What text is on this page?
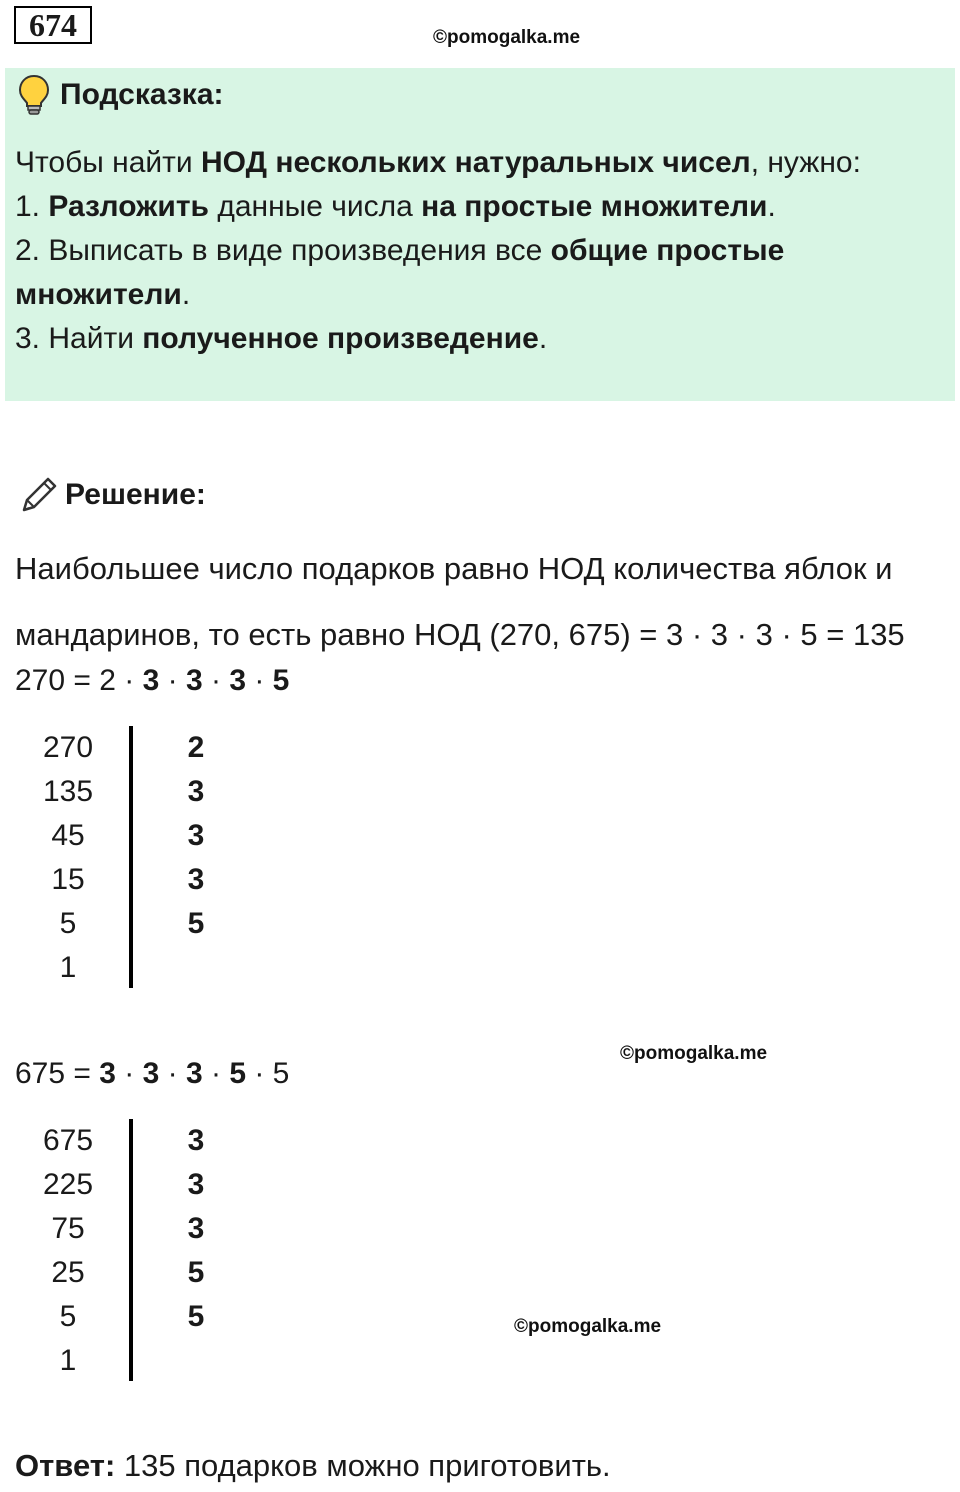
674	©pomogalka.me
Подсказка:
Чтобы найти НОД нескольких натуральных чисел, нужно:
1. Разложить данные числа на простые множители.
2. Выписать в виде произведения все общие простые множители.
3. Найти полученное произведение.
Решение:
Наибольшее число подарков равно НОД количества яблок и
мандаринов, то есть равно НОД (270, 675) = 3 · 3 · 3 · 5 = 135
270 = 2 · 3 · 3 · 3 · 5
270
135
45
15
5
1
2
3
3
3
5
©pomogalka.me
675 = 3 · 3 · 3 · 5 · 5
675
225
75
25
5
1
3
3
3
5
5	©pomogalka.me
Ответ: 135 подарков можно приготовить.
